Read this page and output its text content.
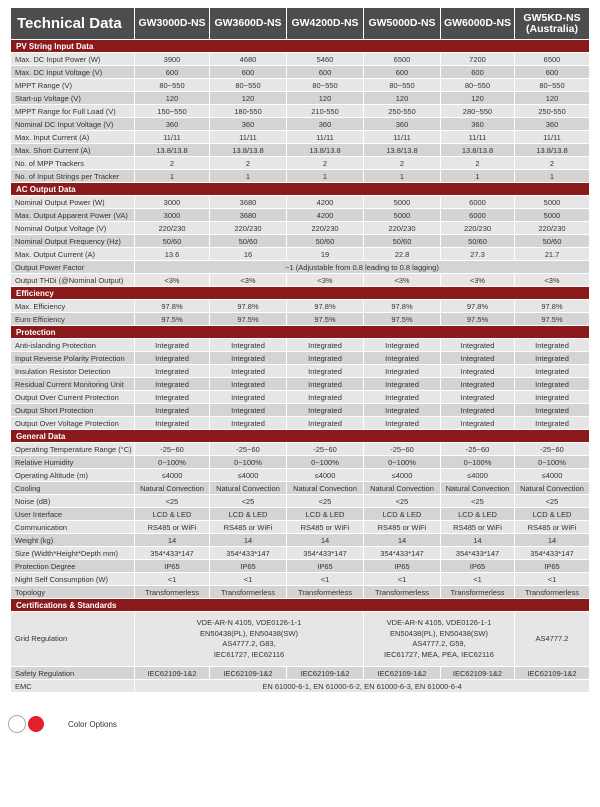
Technical Data	GW3000D-NS	GW3600D-NS	GW4200D-NS	GW5000D-NS	GW6000D-NS	GW5KD-NS
(Australia)
PV String Input Data						
Max. DC Input Power (W)	3900	4680	5460	6500	7200	6500
Max. DC Input Voltage (V)	600	600	600	600	600	600
MPPT Range (V)	80~550	80~550	80~550	80~550	80~550	80~550
Start-up Voltage (V)	120	120	120	120	120	120
MPPT Range for Full Load (V)	150~550	180-550	210-550	250-550	280~550	250-550
Nominal DC Input Voltage (V)	360	360	360	360	360	360
Max. Input Current (A)	11/11	11/11	11/11	11/11	11/11	11/11
Max. Short Current (A)	13.8/13.8	13.8/13.8	13.8/13.8	13.8/13.8	13.8/13.8	13.8/13.8
No. of MPP Trackers	2	2	2	2	2	2
No. of Input Strings per Tracker	1	1	1	1	1	1
AC Output Data						
Nominal Output Power (W)	3000	3680	4200	5000	6000	5000
Max. Output Apparent Power (VA)	3000	3680	4200	5000	6000	5000
Nominal Output Voltage (V)	220/230	220/230	220/230	220/230	220/230	220/230
Nominal Output Frequency (Hz)	50/60	50/60	50/60	50/60	50/60	50/60
Max. Output Current (A)	13.6	16	19	22.8	27.3	21.7
Output Power Factor	~1 (Adjustable from 0.8 leading to 0.8 lagging)					
Output THDi (@Nominal Output)	<3%	<3%	<3%	<3%	<3%	<3%
Efficiency						
Max. Efficiency	97.8%	97.8%	97.8%	97.8%	97.8%	97.8%
Euro Efficiency	97.5%	97.5%	97.5%	97.5%	97.5%	97.5%
Protection						
Anti-islanding Protection	Integrated	Integrated	Integrated	Integrated	Integrated	Integrated
Input Reverse Polarity Protection	Integrated	Integrated	Integrated	Integrated	Integrated	Integrated
Insulation Resistor Detection	Integrated	Integrated	Integrated	Integrated	Integrated	Integrated
Residual Current Monitoring Unit	Integrated	Integrated	Integrated	Integrated	Integrated	Integrated
Output Over Current Protection	Integrated	Integrated	Integrated	Integrated	Integrated	Integrated
Output Short Protection	Integrated	Integrated	Integrated	Integrated	Integrated	Integrated
Output Over Voltage Protection	Integrated	Integrated	Integrated	Integrated	Integrated	Integrated
General Data						
Operating Temperature Range (°C)	-25~60	-25~60	-25~60	-25~60	-25~60	-25~60
Relative Humidity	0~100%	0~100%	0~100%	0~100%	0~100%	0~100%
Operating Altitude (m)	≤4000	≤4000	≤4000	≤4000	≤4000	≤4000
Cooling	Natural Convection	Natural Convection	Natural Convection	Natural Convection	Natural Convection	Natural Convection
Noise (dB)	<25	<25	<25	<25	<25	<25
User Interface	LCD & LED	LCD & LED	LCD & LED	LCD & LED	LCD & LED	LCD & LED
Communication	RS485 or WiFi	RS485 or WiFi	RS485 or WiFi	RS485 or WiFi	RS485 or WiFi	RS485 or WiFi
Weight (kg)	14	14	14	14	14	14
Size (Width*Height*Depth mm)	354*433*147	354*433*147	354*433*147	354*433*147	354*433*147	354*433*147
Protection Degree	IP65	IP65	IP65	IP65	IP65	IP65
Night Self Consumption (W)	<1	<1	<1	<1	<1	<1
Topology	Transformerless	Transformerless	Transformerless	Transformerless	Transformerless	Transformerless
Certifications & Standards						
Grid Regulation	VDE-AR-N 4105, VDE0126-1-1
EN50438(PL), EN50438(SW)
AS4777.2, G83,
IEC61727, IEC62116			VDE-AR-N 4105, VDE0126-1-1
EN50438(PL), EN50438(SW)
AS4777.2, G59,
IEC61727, MEA, PEA, IEC62116		AS4777.2
Safety Regulation	IEC62109-1&2	IEC62109-1&2	IEC62109-1&2	IEC62109-1&2	IEC62109-1&2	IEC62109-1&2
EMC	EN 61000-6-1, EN 61000-6-2, EN 61000-6-3, EN 61000-6-4					
Color Options
